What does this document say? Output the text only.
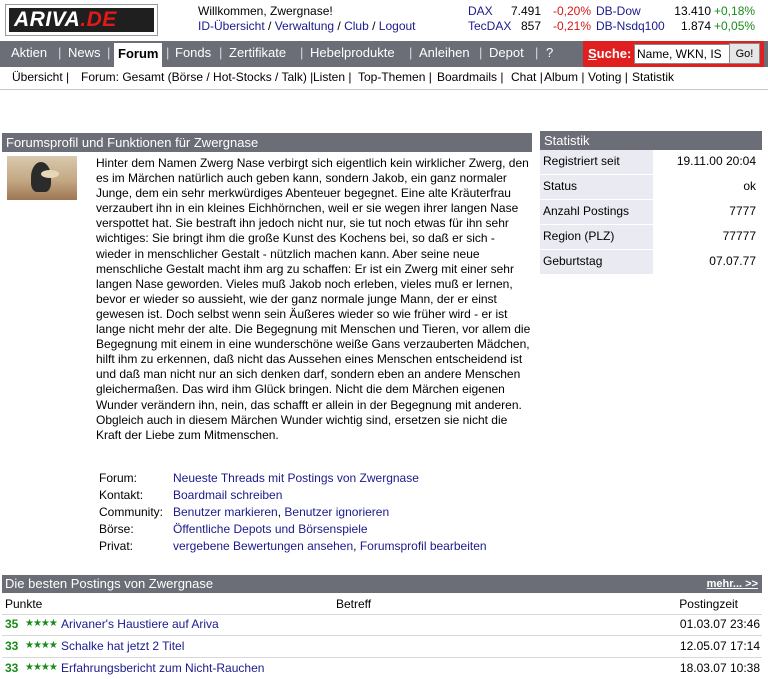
ARIVA.DE	Willkommen, Zwergnase!
ID-Übersicht / Verwaltung / Club / Logout
DAX 7.491 -0,20%
TecDAX 857 -0,21%
DB-Dow	13.410 +0,18%
DB-Nsdq100	1.874 +0,05%
Aktien | News | Forum | Fonds | Zertifikate | Hebelprodukte | Anleihen | Depot | ?	Suche:
Name, WKN, IS	Go!
Übersicht | Forum: Gesamt (Börse / Hot-Stocks / Talk) | Listen | Top-Themen | Boardmails | Chat | Album | Voting | Statistik
Forumsprofil und Funktionen für Zwergnase
Hinter dem Namen Zwerg Nase verbirgt sich eigentlich kein wirklicher Zwerg, den es im Märchen natürlich auch geben kann, sondern Jakob, ein ganz normaler Junge, dem ein sehr merkwürdiges Abenteuer begegnet. Eine alte Kräuterfrau verzaubert ihn in ein kleines Eichhörnchen, weil er sie wegen ihrer langen Nase verspottet hat. Sie bestraft ihn jedoch nicht nur, sie tut noch etwas für ihn sehr wichtiges: Sie bringt ihm die große Kunst des Kochens bei, so daß er sich - wieder in menschlicher Gestalt - nützlich machen kann. Aber seine neue menschliche Gestalt macht ihm arg zu schaffen: Er ist ein Zwerg mit einer sehr langen Nase geworden. Vieles muß Jakob noch erleben, vieles muß er lernen, bevor er wieder so aussieht, wie der ganz normale junge Mann, der er einst gewesen ist. Doch selbst wenn sein Äußeres wieder so wie früher wird - er ist lange nicht mehr der alte. Die Begegnung mit Menschen und Tieren, vor allem die Begegnung mit einem in eine wunderschöne weiße Gans verzauberten Mädchen, hilft ihm zu erkennen, daß nicht das Aussehen eines Menschen entscheidend ist und daß man nicht nur an sich denken darf, sondern eben an andere Menschen gleichermaßen. Das wird ihm Glück bringen. Nicht die dem Märchen eigenen Wunder verändern ihn, nein, das schafft er allein in der Begegnung mit anderen. Obgleich auch in diesem Märchen Wunder wichtig sind, ersetzen sie nicht die Kraft der Liebe zum Mitmenschen.
Forum:	Neueste Threads mit Postings von Zwergnase
Kontakt: Boardmail schreiben
Community: Benutzer markieren, Benutzer ignorieren
Börse:	Öffentliche Depots und Börsenspiele
Privat:	vergebene Bewertungen ansehen, Forumsprofil bearbeiten
Statistik
Registriert seit	19.11.00 20:04
Status	ok
Anzahl Postings	7777
Region (PLZ)	77777
Geburtstag	07.07.77
Die besten Postings von Zwergnase	mehr... >>
Punkte	Betreff	Postingzeit
35 ★★★★ Arivaner's Haustiere auf Ariva	01.03.07 23:46
33 ★★★★ Schalke hat jetzt 2 Titel	12.05.07 17:14
33 ★★★★ Erfahrungsbericht zum Nicht-Rauchen	18.03.07 10:38
